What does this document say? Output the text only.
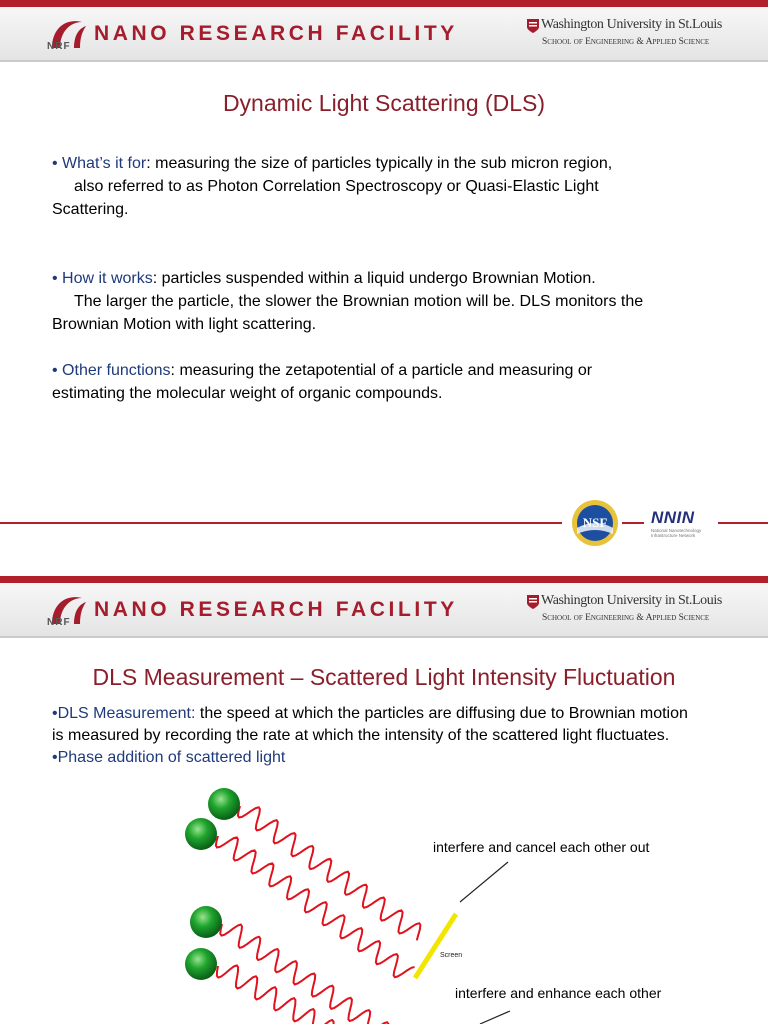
NRF
NANO RESEARCH FACILITY	Washington University in St.Louis
School of Engineering & Applied Science
Dynamic Light Scattering (DLS)
• What’s it for: measuring the size of particles typically in the sub micron region,
also referred to as Photon Correlation Spectroscopy or Quasi-Elastic Light
Scattering.
• How it works: particles suspended within a liquid undergo Brownian Motion.
The larger the particle, the slower the Brownian motion will be. DLS monitors the
Brownian Motion with light scattering.
• Other functions: measuring the zetapotential of a particle and measuring or
estimating the molecular weight of organic compounds.
NSF	NNIN
National Nanotechnology Infrastructure Network
NRF
NANO RESEARCH FACILITY	Washington University in St.Louis
School of Engineering & Applied Science
DLS Measurement – Scattered Light Intensity Fluctuation
•DLS Measurement: the speed at which the particles are diffusing due to Brownian motion
is measured by recording the rate at which the intensity of the scattered light fluctuates.
•Phase addition of scattered light
interfere and cancel each other out
interfere and enhance each other
Screen
